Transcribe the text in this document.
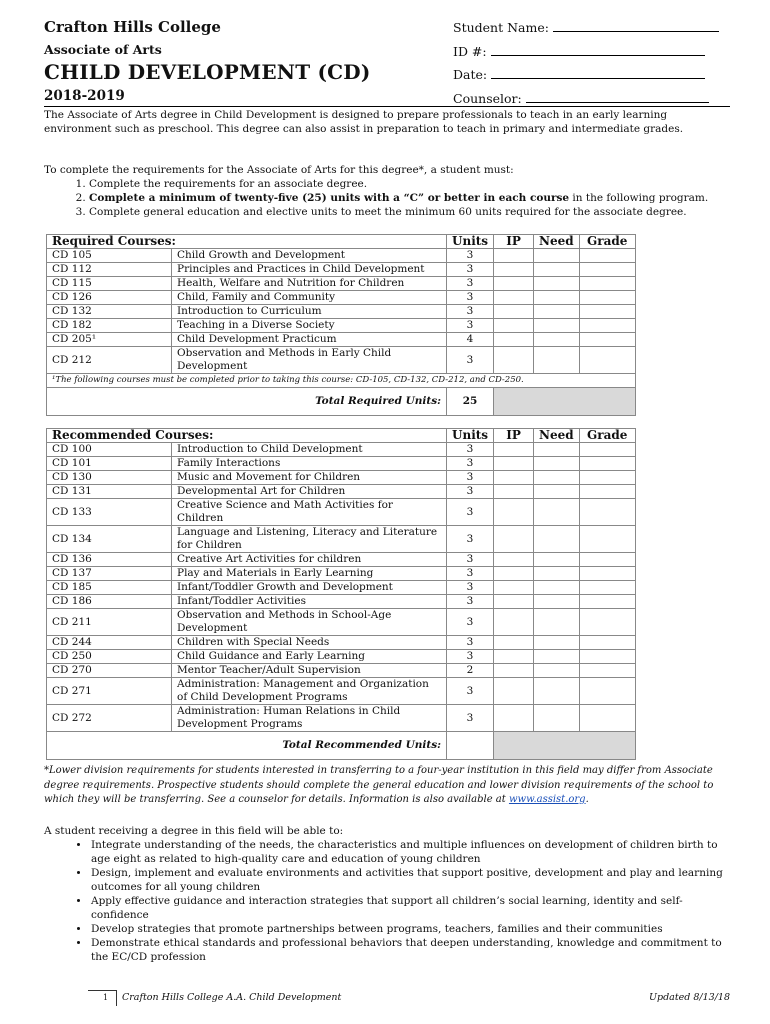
Crafton Hills College
Associate of Arts
CHILD DEVELOPMENT (CD)
2018-2019
Student Name:
ID #:
Date:
Counselor:
The Associate of Arts degree in Child Development is designed to prepare professionals to teach in an early learning environment such as preschool. This degree can also assist in preparation to teach in primary and intermediate grades.
To complete the requirements for the Associate of Arts for this degree*, a student must:
1. Complete the requirements for an associate degree.
2. Complete a minimum of twenty-five (25) units with a “C” or better in each course in the following program.
3. Complete general education and elective units to meet the minimum 60 units required for the associate degree.
Required Courses:		Units	IP	Need	Grade
CD 105	Child Growth and Development	3			
CD 112	Principles and Practices in Child Development	3			
CD 115	Health, Welfare and Nutrition for Children	3			
CD 126	Child, Family and Community	3			
CD 132	Introduction to Curriculum	3			
CD 182	Teaching in a Diverse Society	3			
CD 205¹	Child Development Practicum	4			
CD 212	Observation and Methods in Early Child Development	3			
¹The following courses must be completed prior to taking this course: CD-105, CD-132, CD-212, and CD-250.					
Total Required Units:		25			
Recommended Courses:		Units	IP	Need	Grade
CD 100	Introduction to Child Development	3			
CD 101	Family Interactions	3			
CD 130	Music and Movement for Children	3			
CD 131	Developmental Art for Children	3			
CD 133	Creative Science and Math Activities for Children	3			
CD 134	Language and Listening, Literacy and Literature for Children	3			
CD 136	Creative Art Activities for children	3			
CD 137	Play and Materials in Early Learning	3			
CD 185	Infant/Toddler Growth and Development	3			
CD 186	Infant/Toddler Activities	3			
CD 211	Observation and Methods in School-Age Development	3			
CD 244	Children with Special Needs	3			
CD 250	Child Guidance and Early Learning	3			
CD 270	Mentor Teacher/Adult Supervision	2			
CD 271	Administration: Management and Organization of Child Development Programs	3			
CD 272	Administration: Human Relations in Child Development Programs	3			
Total Recommended Units:					
*Lower division requirements for students interested in transferring to a four-year institution in this field may differ from Associate degree requirements. Prospective students should complete the general education and lower division requirements of the school to which they will be transferring. See a counselor for details. Information is also available at www.assist.org.
A student receiving a degree in this field will be able to:
• Integrate understanding of the needs, the characteristics and multiple influences on development of children birth to age eight as related to high-quality care and education of young children
• Design, implement and evaluate environments and activities that support positive, development and play and learning outcomes for all young children
• Apply effective guidance and interaction strategies that support all children’s social learning, identity and self-confidence
• Develop strategies that promote partnerships between programs, teachers, families and their communities
• Demonstrate ethical standards and professional behaviors that deepen understanding, knowledge and commitment to the EC/CD profession
1 Crafton Hills College A.A. Child Development	Updated 8/13/18
